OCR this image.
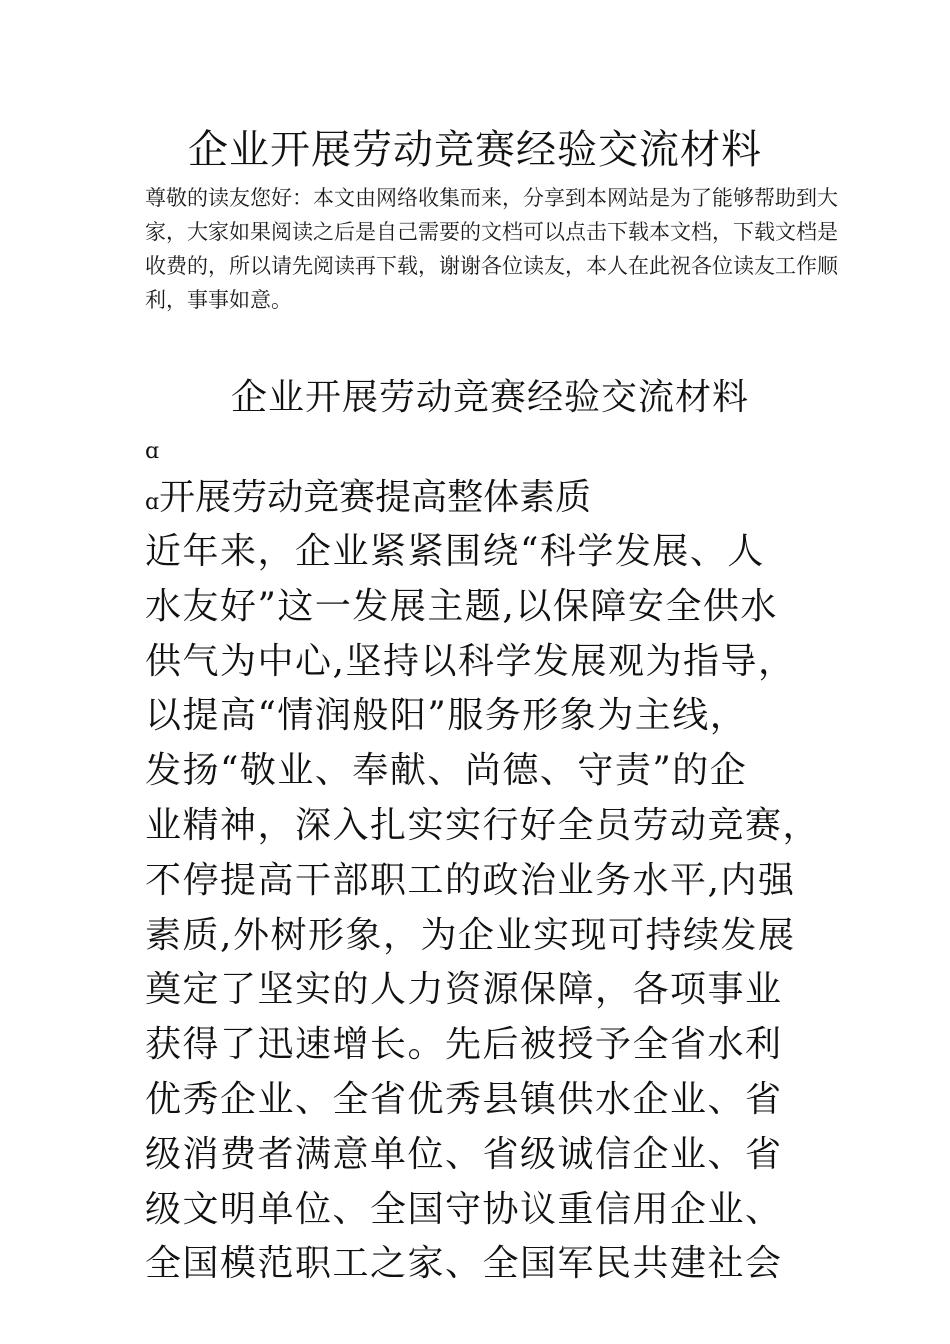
企业开展劳动竞赛经验交流材料
尊敬的读友您好：本文由网络收集而来，分享到本网站是为了能够帮助到大
家，大家如果阅读之后是自己需要的文档可以点击下载本文档，下载文档是
收费的，所以请先阅读再下载，谢谢各位读友，本人在此祝各位读友工作顺
利，事事如意。
企业开展劳动竞赛经验交流材料
ɑ
ɑ开展劳动竞赛提高整体素质
近年来，企业紧紧围绕“科学发展、人
水友好”这一发展主题,以保障安全供水
供气为中心,坚持以科学发展观为指导，
以提高“情润般阳”服务形象为主线，
发扬“敬业、奉献、尚德、守责”的企
业精神，深入扎实实行好全员劳动竞赛，
不停提高干部职工的政治业务水平,内强
素质,外树形象，为企业实现可持续发展
奠定了坚实的人力资源保障，各项事业
获得了迅速增长。先后被授予全省水利
优秀企业、全省优秀县镇供水企业、省
级消费者满意单位、省级诚信企业、省
级文明单位、全国守协议重信用企业、
全国模范职工之家、全国军民共建社会
